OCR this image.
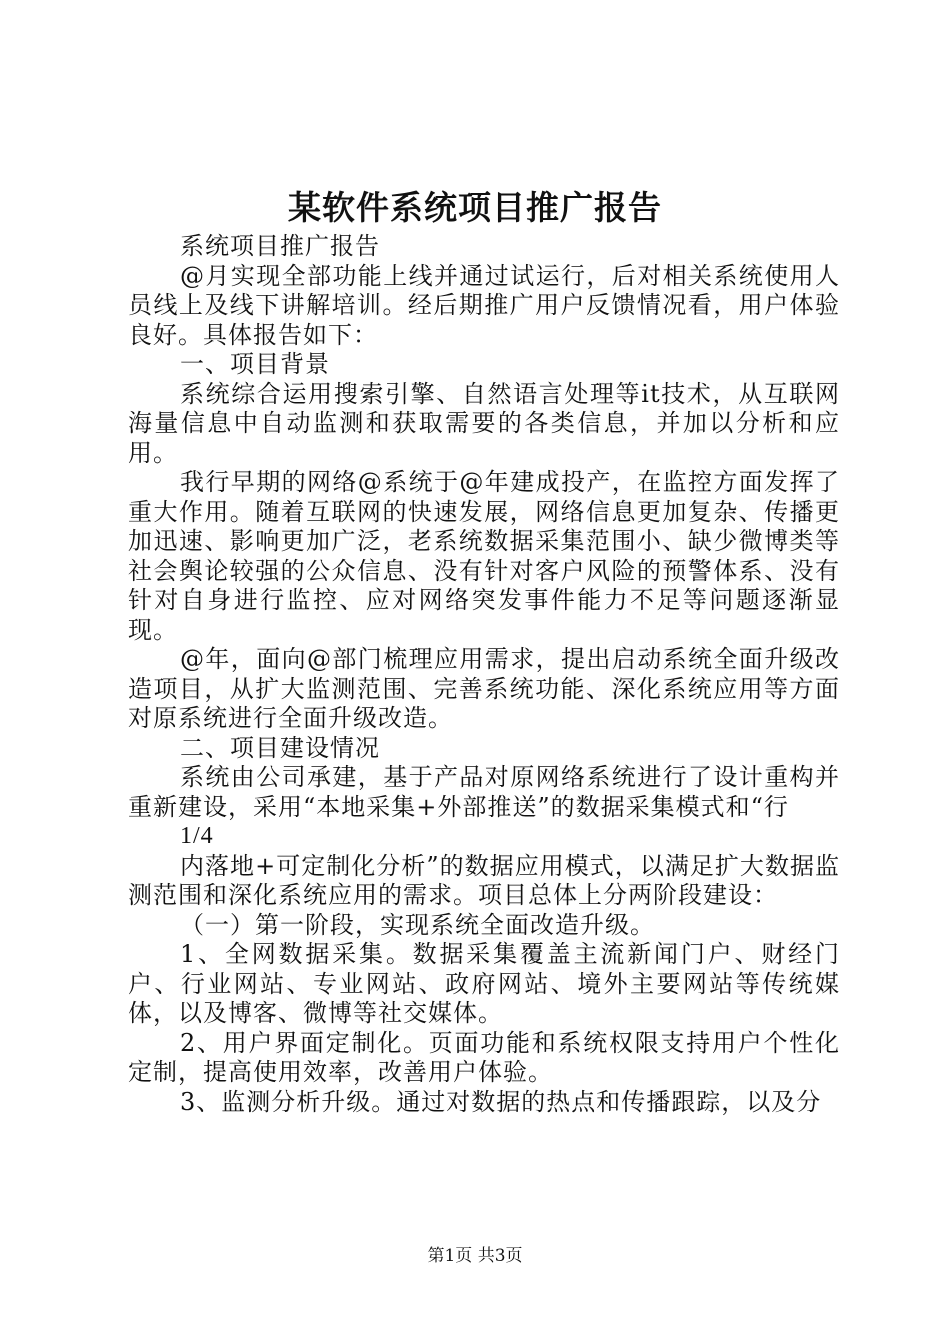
某软件系统项目推广报告

系统项目推广报告

@月实现全部功能上线并通过试运行，后对相关系统使用人员线上及线下讲解培训。经后期推广用户反馈情况看，用户体验良好。具体报告如下：

一、项目背景

系统综合运用搜索引擎、自然语言处理等it技术，从互联网海量信息中自动监测和获取需要的各类信息，并加以分析和应用。

我行早期的网络@系统于@年建成投产，在监控方面发挥了重大作用。随着互联网的快速发展，网络信息更加复杂、传播更加迅速、影响更加广泛，老系统数据采集范围小、缺少微博类等社会舆论较强的公众信息、没有针对客户风险的预警体系、没有针对自身进行监控、应对网络突发事件能力不足等问题逐渐显现。

@年，面向@部门梳理应用需求，提出启动系统全面升级改造项目，从扩大监测范围、完善系统功能、深化系统应用等方面对原系统进行全面升级改造。

二、项目建设情况

系统由公司承建，基于产品对原网络系统进行了设计重构并重新建设，采用“本地采集+外部推送”的数据采集模式和“行

1/4

内落地+可定制化分析”的数据应用模式，以满足扩大数据监测范围和深化系统应用的需求。项目总体上分两阶段建设：

（一）第一阶段，实现系统全面改造升级。

1、全网数据采集。数据采集覆盖主流新闻门户、财经门户、行业网站、专业网站、政府网站、境外主要网站等传统媒体，以及博客、微博等社交媒体。

2、用户界面定制化。页面功能和系统权限支持用户个性化定制，提高使用效率，改善用户体验。

3、监测分析升级。通过对数据的热点和传播跟踪，以及分

第1页 共3页
